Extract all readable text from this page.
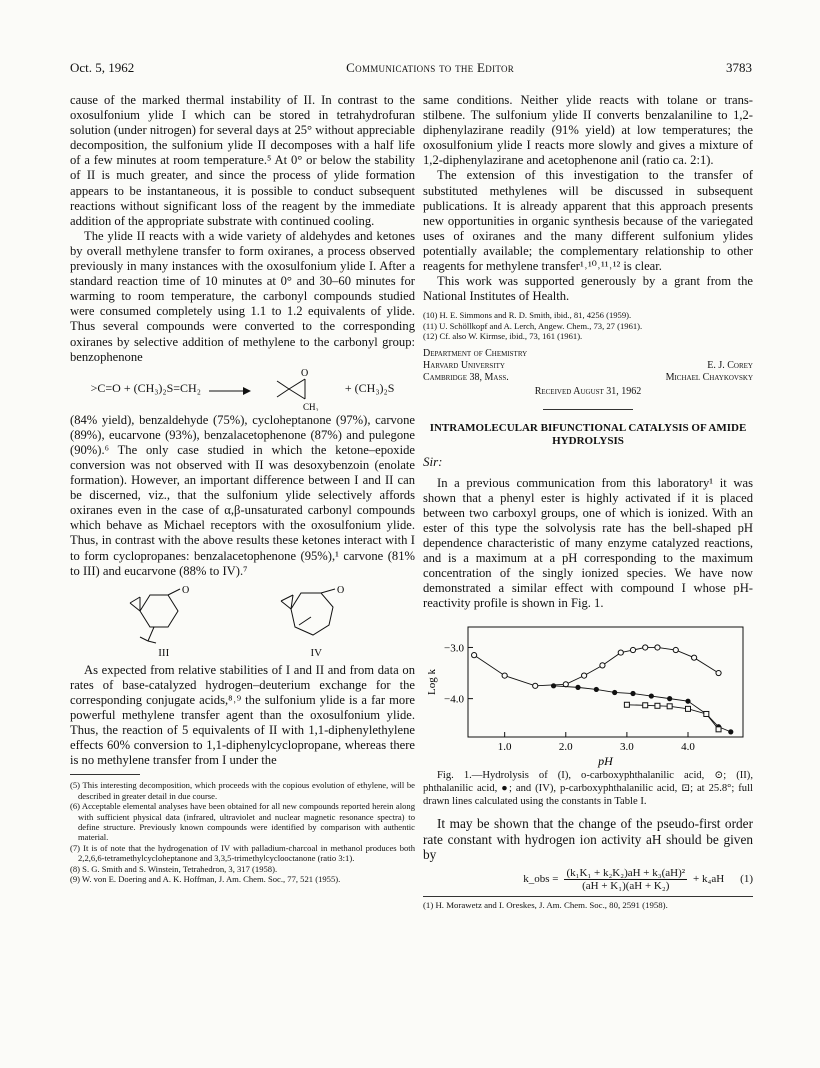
Oct. 5, 1962	Communications to the Editor	3783

cause of the marked thermal instability of II. In contrast to the oxosulfonium ylide I which can be stored in tetrahydrofuran solution (under nitrogen) for several days at 25° without appreciable decomposition, the sulfonium ylide II decomposes with a half life of a few minutes at room temperature.⁵ At 0° or below the stability of II is much greater, and since the process of ylide formation appears to be instantaneous, it is possible to conduct subsequent reactions without significant loss of the reagent by the immediate addition of the appropriate substrate with continued cooling.

The ylide II reacts with a wide variety of aldehydes and ketones by overall methylene transfer to form oxiranes, a process observed previously in many instances with the oxosulfonium ylide I. After a standard reaction time of 10 minutes at 0° and 30–60 minutes for warming to room temperature, the carbonyl compounds studied were consumed completely using 1.1 to 1.2 equivalents of ylide. Thus several compounds were converted to the corresponding oxiranes by selective addition of methylene to the carbonyl group: benzophenone

>C=O + (CH₃)₂S=CH₂
O
CH₂
+ (CH₃)₂S

(84% yield), benzaldehyde (75%), cycloheptanone (97%), carvone (89%), eucarvone (93%), benzalacetophenone (87%) and pulegone (90%).⁶ The only case studied in which the ketone–epoxide conversion was not observed with II was desoxybenzoin (enolate formation). However, an important difference between I and II can be discerned, viz., that the sulfonium ylide selectively affords oxiranes even in the case of α,β-unsaturated carbonyl compounds which behave as Michael receptors with the oxosulfonium ylide. Thus, in contrast with the above results these ketones interact with I to form cyclopropanes: benzalacetophenone (95%),¹ carvone (81% to III) and eucarvone (88% to IV).⁷

O
III
O
IV

As expected from relative stabilities of I and II and from data on rates of base-catalyzed hydrogen–deuterium exchange for the corresponding conjugate acids,⁸˒⁹ the sulfonium ylide is a far more powerful methylene transfer agent than the oxosulfonium ylide. Thus, the reaction of 5 equivalents of II with 1,1-diphenylethylene effects 60% conversion to 1,1-diphenylcyclopropane, whereas there is no methylene transfer from I under the

(5) This interesting decomposition, which proceeds with the copious evolution of ethylene, will be described in greater detail in due course.

(6) Acceptable elemental analyses have been obtained for all new compounds reported herein along with sufficient physical data (infrared, ultraviolet and nuclear magnetic resonance spectra) to define structure. Previously known compounds were identified by comparison with authentic material.

(7) It is of note that the hydrogenation of IV with palladium-charcoal in methanol produces both 2,2,6,6-tetramethylcycloheptanone and 3,3,5-trimethylcyclooctanone (ratio 3:1).

(8) S. G. Smith and S. Winstein, Tetrahedron, 3, 317 (1958).

(9) W. von E. Doering and A. K. Hoffman, J. Am. Chem. Soc., 77, 521 (1955).

same conditions. Neither ylide reacts with tolane or trans-stilbene. The sulfonium ylide II converts benzalaniline to 1,2-diphenylazirane readily (91% yield) at low temperatures; the oxosulfonium ylide I reacts more slowly and gives a mixture of 1,2-diphenylazirane and acetophenone anil (ratio ca. 2:1).

The extension of this investigation to the transfer of substituted methylenes will be discussed in subsequent publications. It is already apparent that this approach presents new opportunities in organic synthesis because of the variegated uses of oxiranes and the many different sulfonium ylides potentially available; the complementary relationship to other reagents for methylene transfer¹˒¹⁰˒¹¹˒¹² is clear.

This work was supported generously by a grant from the National Institutes of Health.

(10) H. E. Simmons and R. D. Smith, ibid., 81, 4256 (1959).

(11) U. Schöllkopf and A. Lerch, Angew. Chem., 73, 27 (1961).

(12) Cf. also W. Kirmse, ibid., 73, 161 (1961).

Department of Chemistry
Harvard University	E. J. Corey
Cambridge 38, Mass.	Michael Chaykovsky
Received August 31, 1962
INTRAMOLECULAR BIFUNCTIONAL CATALYSIS OF AMIDE HYDROLYSIS
Sir:

In a previous communication from this laboratory¹ it was shown that a phenyl ester is highly activated if it is placed between two carboxyl groups, one of which is ionized. With an ester of this type the solvolysis rate has the bell-shaped pH dependence characteristic of many enzyme catalyzed reactions, and is a maximum at a pH corresponding to the maximum concentration of the singly ionized species. We have now demonstrated a similar effect with compound I whose pH-reactivity profile is shown in Fig. 1.

1.0	2.0	3.0	4.0
−3.0
−4.0
pH
Log k

Fig. 1.—Hydrolysis of (I), o-carboxyphthalanilic acid, ⊙; (II), phthalanilic acid, ●; and (IV), p-carboxyphthalanilic acid, ⊡; at 25.8°; full drawn lines calculated using the constants in Table I.

It may be shown that the change of the pseudo-first order rate constant with hydrogen ion activity aH should be given by

k_obs = $\frac{\text{(k₁K₁ + k₂K₂)aH + k₃(aH)²}}{\text{(aH + K₁)(aH + K₂)}} + k_4aH$ (1)
(1) H. Morawetz and I. Oreskes, J. Am. Chem. Soc., 80, 2591 (1958).
